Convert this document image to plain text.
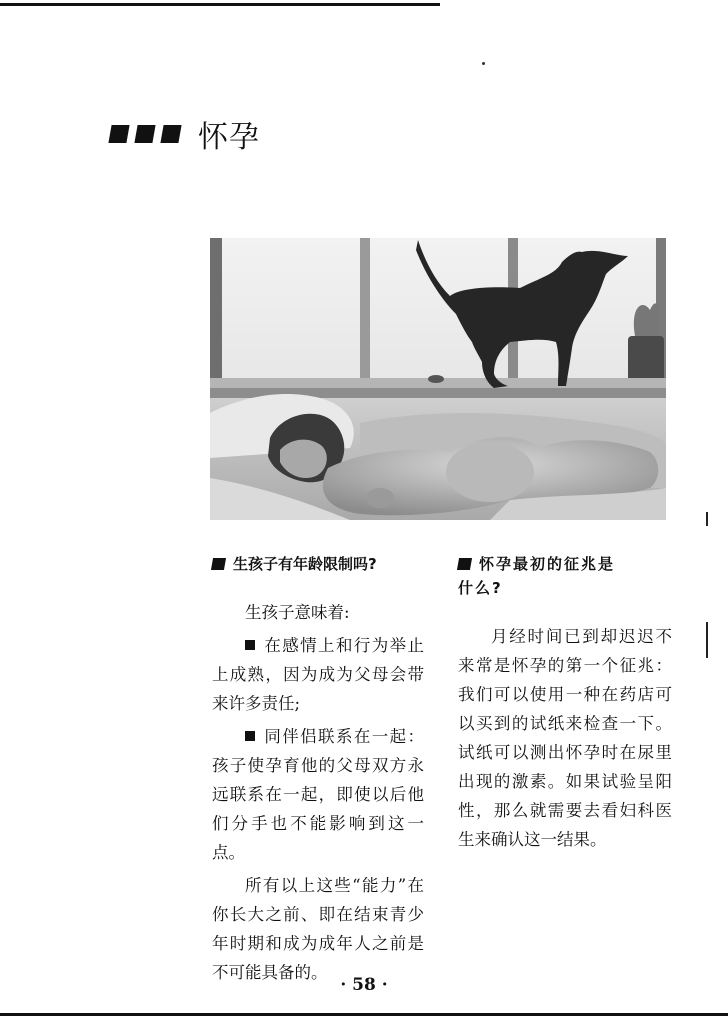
怀孕
生孩子有年龄限制吗?

生孩子意味着:

在感情上和行为举止上成熟，因为成为父母会带来许多责任;

同伴侣联系在一起：孩子使孕育他的父母双方永远联系在一起，即使以后他们分手也不能影响到这一点。

所有以上这些“能力”在你长大之前、即在结束青少年时期和成为成年人之前是不可能具备的。

怀孕最初的征兆是
什么?

月经时间已到却迟迟不来常是怀孕的第一个征兆：我们可以使用一种在药店可以买到的试纸来检查一下。试纸可以测出怀孕时在尿里出现的激素。如果试验呈阳性，那么就需要去看妇科医生来确认这一结果。

· 58 ·
